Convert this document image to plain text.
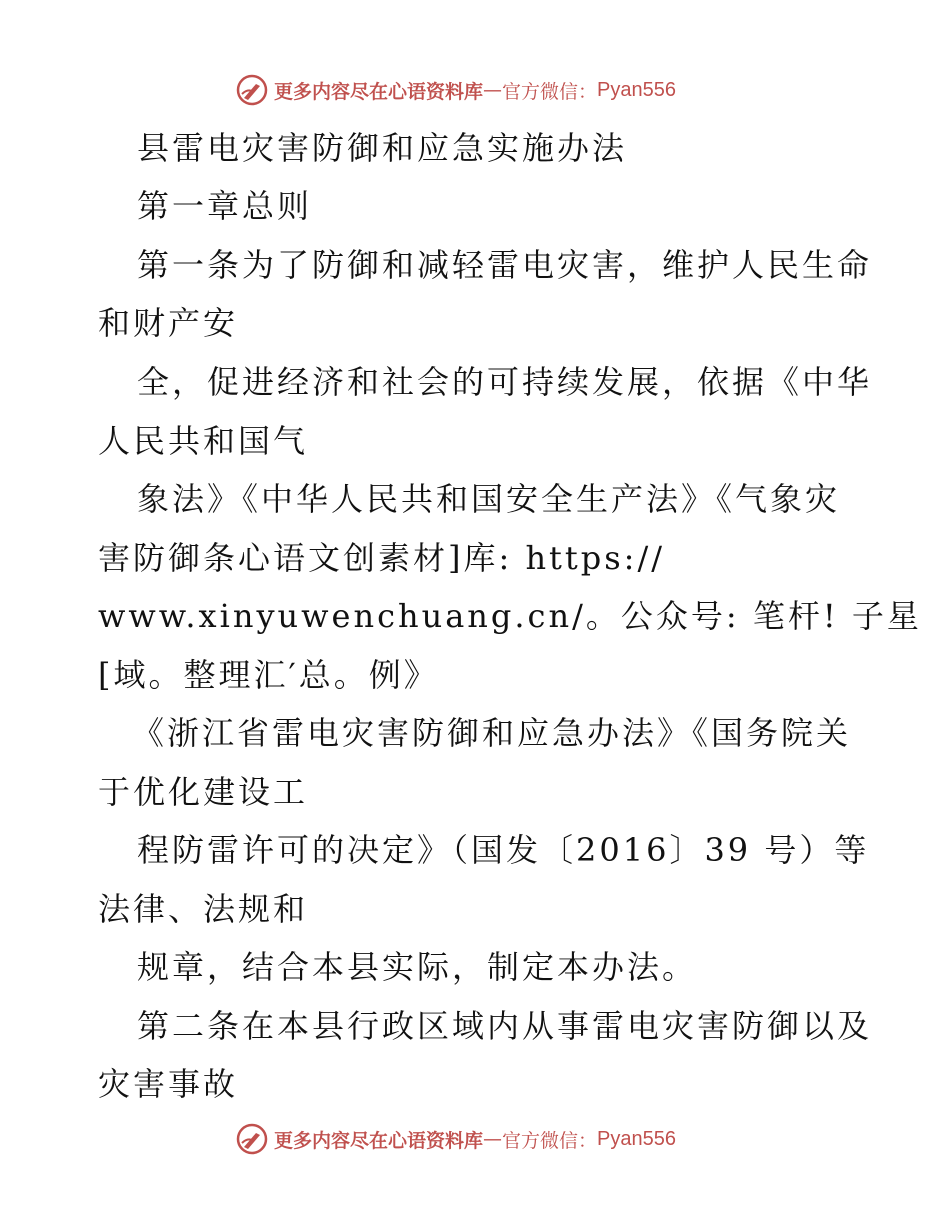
更多内容尽在心语资料库 — 官方微信： Pyan556
县雷电灾害防御和应急实施办法
第一章总则
第一条为了防御和减轻雷电灾害，维护人民生命
和财产安
全，促进经济和社会的可持续发展，依据《中华
人民共和国气
象法》《中华人民共和国安全生产法》《气象灾
害防御条心语文创素材]库: https://
www.xinyuwenchuang.cn/。公众号: 笔杆! 子星
[域。整理汇′总。例》
《浙江省雷电灾害防御和应急办法》《国务院关
于优化建设工
程防雷许可的决定》（国发〔2016〕39 号）等
法律、法规和
规章，结合本县实际，制定本办法。
第二条在本县行政区域内从事雷电灾害防御以及
灾害事故
更多内容尽在心语资料库 — 官方微信： Pyan556
